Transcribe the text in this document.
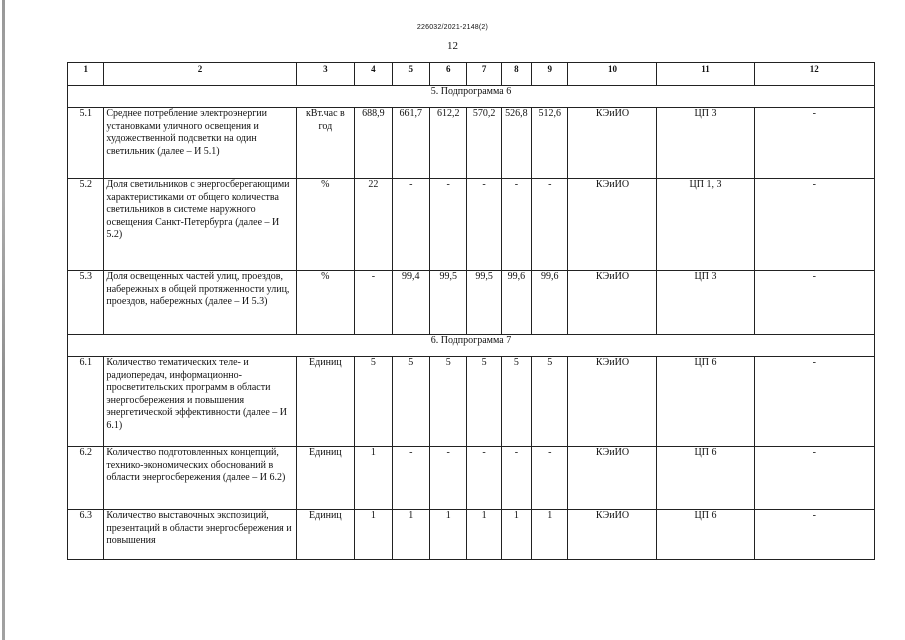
226032/2021-2148(2)
12
1	2	3	4	5	6	7	8	9	10	11	12
5. Подпрограмма 6											
5.1	Среднее потребление электроэнергии установками уличного освещения и художественной подсветки на один светильник (далее – И 5.1)	кВт.час в год	688,9	661,7	612,2	570,2	526,8	512,6	КЭиИО	ЦП 3	-
5.2	Доля светильников с энергосберегающими характеристиками от общего количества светильников в системе наружного освещения Санкт-Петербурга (далее – И 5.2)	%	22	-	-	-	-	-	КЭиИО	ЦП 1, 3	-
5.3	Доля освещенных частей улиц, проездов, набережных в общей протяженности улиц, проездов, набережных (далее – И 5.3)	%	-	99,4	99,5	99,5	99,6	99,6	КЭиИО	ЦП 3	-
6. Подпрограмма 7											
6.1	Количество тематических теле- и радиопередач, информационно-просветительских программ в области энергосбережения и повышения энергетической эффективности (далее – И 6.1)	Единиц	5	5	5	5	5	5	КЭиИО	ЦП 6	-
6.2	Количество подготовленных концепций, технико-экономических обоснований в области энергосбережения (далее – И 6.2)	Единиц	1	-	-	-	-	-	КЭиИО	ЦП 6	-
6.3	Количество выставочных экспозиций, презентаций в области энергосбережения и повышения	Единиц	1	1	1	1	1	1	КЭиИО	ЦП 6	-
